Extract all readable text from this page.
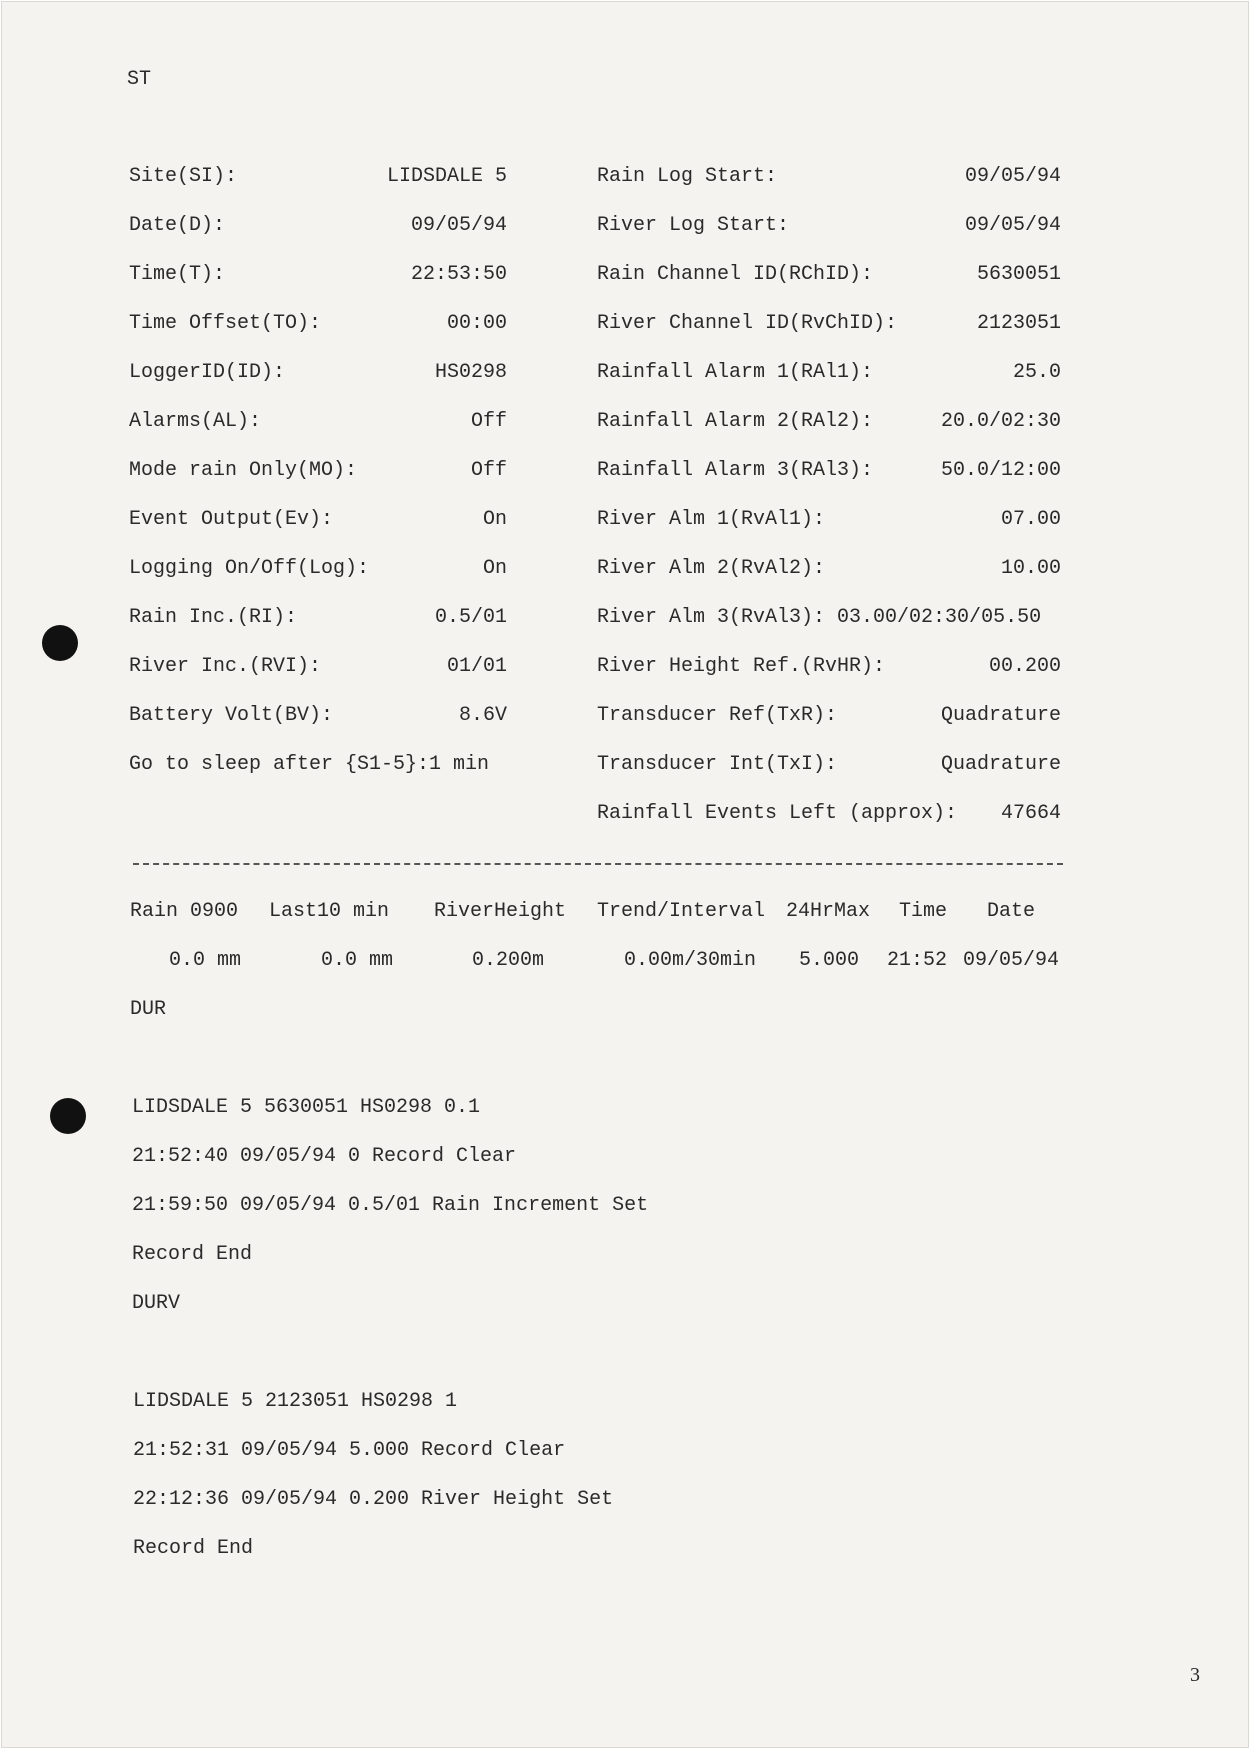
ST
Site(SI):	LIDSDALE 5
Date(D):	09/05/94
Time(T):	22:53:50
Time Offset(TO):	00:00
LoggerID(ID):	HS0298
Alarms(AL):	Off
Mode rain Only(MO):	Off
Event Output(Ev):	On
Logging On/Off(Log):	On
Rain Inc.(RI):	0.5/01
River Inc.(RVI):	01/01
Battery Volt(BV):	8.6V
Go to sleep after {S1-5}:1 min
Rain Log Start:	09/05/94
River Log Start:	09/05/94
Rain Channel ID(RChID):	5630051
River Channel ID(RvChID):	2123051
Rainfall Alarm 1(RAl1):	25.0
Rainfall Alarm 2(RAl2):	20.0/02:30
Rainfall Alarm 3(RAl3):	50.0/12:00
River Alm 1(RvAl1):	07.00
River Alm 2(RvAl2):	10.00
River Alm 3(RvAl3): 03.00/02:30/05.50
River Height Ref.(RvHR):	00.200
Transducer Ref(TxR):	Quadrature
Transducer Int(TxI):	Quadrature
Rainfall Events Left (approx):	47664
Rain 0900 Last10 min RiverHeight Trend/Interval 24HrMax Time Date
0.0 mm	0.0 mm	0.200m	0.00m/30min 5.000 21:52 09/05/94
DUR
LIDSDALE 5 5630051 HS0298 0.1
21:52:40 09/05/94 0 Record Clear
21:59:50 09/05/94 0.5/01 Rain Increment Set
Record End
DURV
LIDSDALE 5 2123051 HS0298 1
21:52:31 09/05/94 5.000 Record Clear
22:12:36 09/05/94 0.200 River Height Set
Record End
3
